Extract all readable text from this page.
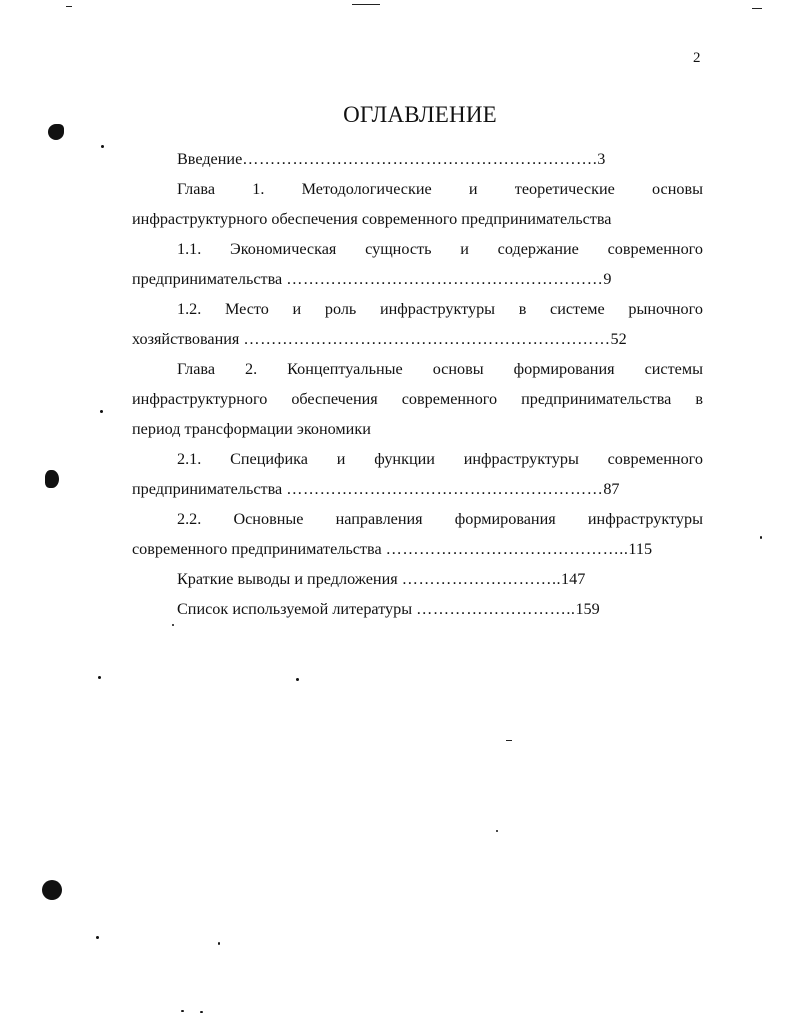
2
ОГЛАВЛЕНИЕ
Введение……………………………………………………….3
Глава 1. Методологические и теоретические основы
инфраструктурного обеспечения современного предпринимательства
1.1. Экономическая сущность и содержание современного
предпринимательства …………………………………………………9
1.2. Место и роль инфраструктуры в системе рыночного
хозяйствования …………………………………………………………52
Глава 2. Концептуальные основы формирования системы
инфраструктурного обеспечения современного предпринимательства в
период трансформации экономики
2.1. Специфика и функции инфраструктуры современного
предпринимательства …………………………………………………87
2.2. Основные направления формирования инфраструктуры
современного предпринимательства ……………………………………..115
Краткие выводы и предложения ………………………..147
Список используемой литературы ………………………..159
